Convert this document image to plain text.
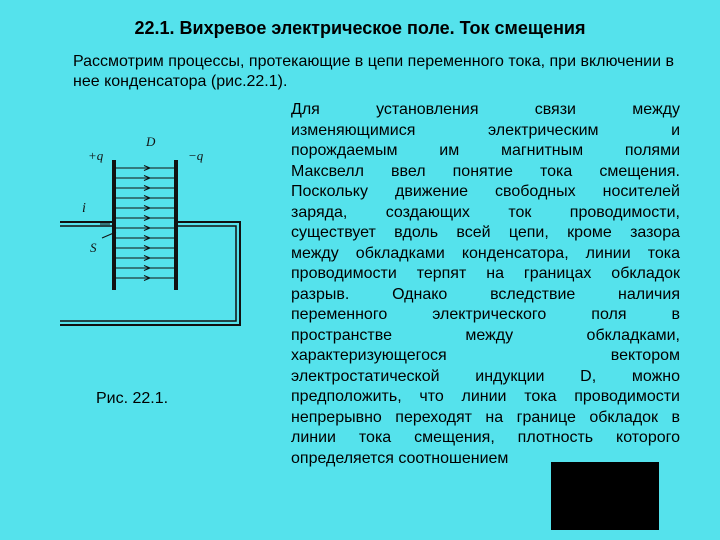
22.1. Вихревое электрическое поле. Ток смещения
Рассмотрим процессы, протекающие в цепи переменного тока, при включении в нее конденсатора (рис.22.1).
+q	−q
D
i
S
Рис. 22.1.
Для установления связи между
изменяющимися электрическим и
порождаемым им магнитным полями
Максвелл ввел понятие тока смещения.
Поскольку движение свободных носителей
заряда, создающих ток проводимости,
существует вдоль всей цепи, кроме зазора
между обкладками конденсатора, линии тока
проводимости терпят на границах обкладок
разрыв. Однако вследствие наличия
переменного электрического поля в
пространстве между обкладками,
характеризующегося вектором
электростатической индукции D, можно
предположить, что линии тока проводимости
непрерывно переходят на границе обкладок в
линии тока смещения, плотность которого
определяется соотношением
